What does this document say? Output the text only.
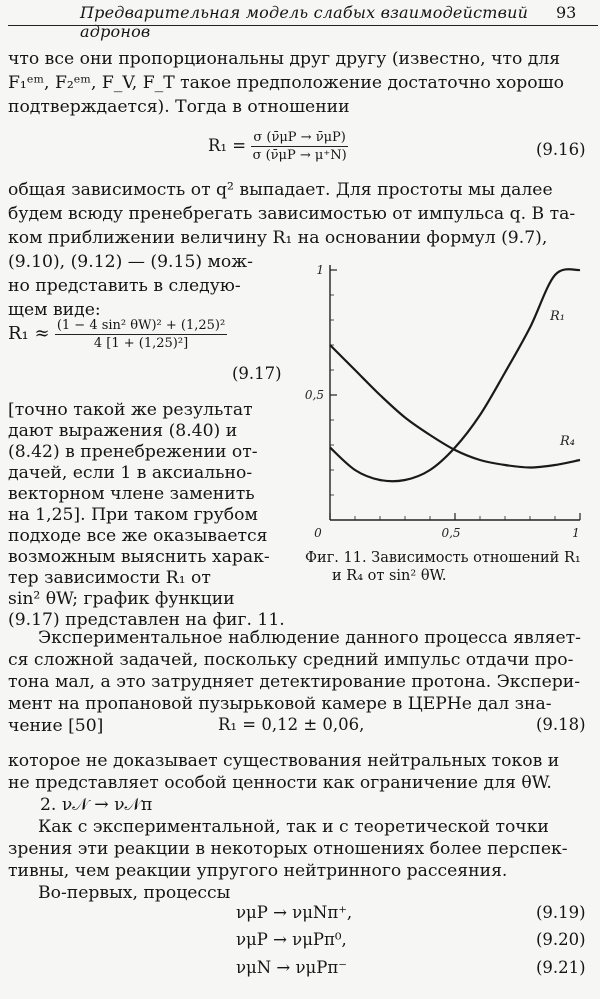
Предварительная модель слабых взаимодействий адронов
93
что все они пропорциональны друг другу (известно, что для
F₁ᵉᵐ, F₂ᵉᵐ, F_V, F_T такое предположение достаточно хорошо
подтверждается). Тогда в отношении
$R_1 = \frac{\sigma (\nū\mu P \to \nū\mu P)}{\sigma (\nū\mu P \to \mu^+N)}$	(9.16)
общая зависимость от q² выпадает. Для простоты мы далее
будем всюду пренебрегать зависимостью от импульса q. В та-
ком приближении величину R₁ на основании формул (9.7),
(9.10), (9.12) — (9.15) мож-
но представить в следую-
щем виде:
$R_1 \approx \frac{\text{(1 − 4 sin² θW)² + (1,25)²}}{\text{4 [1 + (1,25)²]}}$
(9.17)
[точно такой же результат
дают выражения (8.40) и
(8.42) в пренебрежении от-
дачей, если 1 в аксиально-
векторном члене заменить
на 1,25]. При таком грубом
подходе все же оказывается
возможным выяснить харак-
тер зависимости R₁ от
sin² θW; график функции
(9.17) представлен на фиг. 11.
0,5
1
0	0,5	1
R₁
R₄
Фиг. 11. Зависимость отношений R₁
и R₄ от sin² θW.
Экспериментальное наблюдение данного процесса являет-
ся сложной задачей, поскольку средний импульс отдачи про-
тона мал, а это затрудняет детектирование протона. Экспери-
мент на пропановой пузырьковой камере в ЦЕРНе дал зна-
чение [50]	R₁ = 0,12 ± 0,06,	(9.18)
которое не доказывает существования нейтральных токов и
не представляет особой ценности как ограничение для θW.
2. ν𝒩 → ν𝒩π
Как с экспериментальной, так и с теоретической точки
зрения эти реакции в некоторых отношениях более перспек-
тивны, чем реакции упругого нейтринного рассеяния.
Во-первых, процессы
νμP → νμNπ⁺,	(9.19)
νμP → νμPπ⁰,	(9.20)
νμN → νμPπ⁻	(9.21)
